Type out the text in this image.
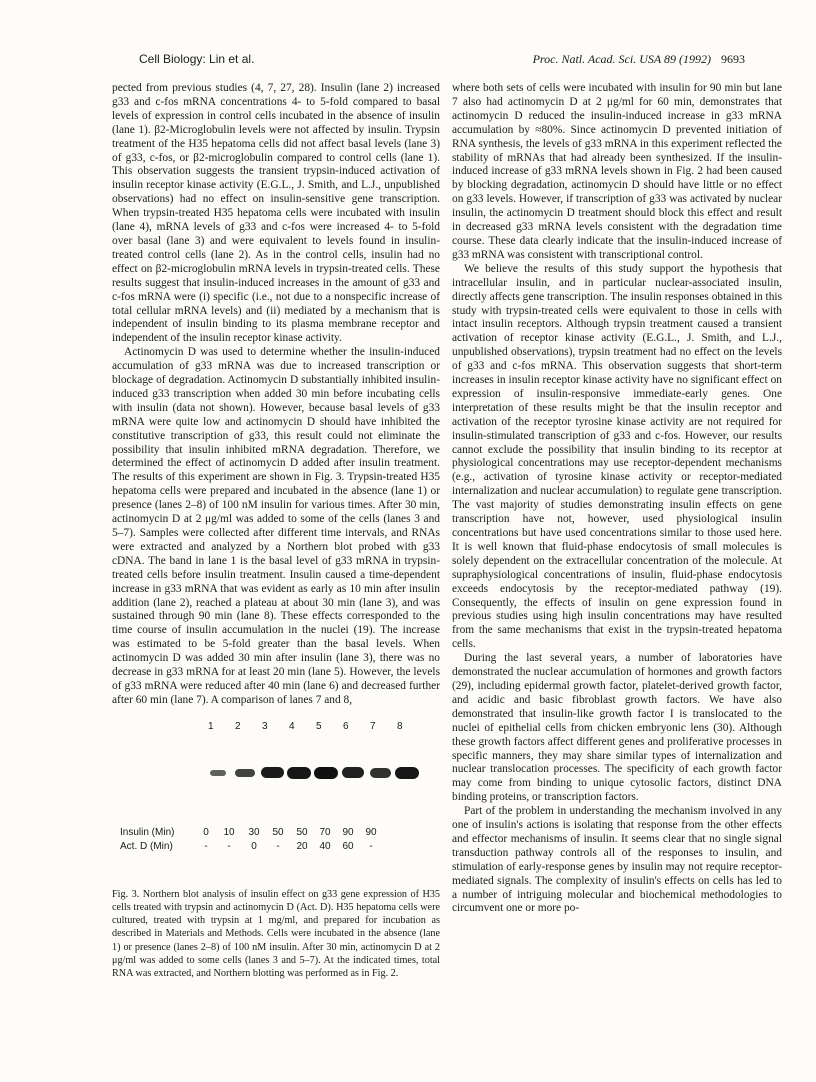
Cell Biology: Lin et al.	Proc. Natl. Acad. Sci. USA 89 (1992) 9693

pected from previous studies (4, 7, 27, 28). Insulin (lane 2) increased g33 and c-fos mRNA concentrations 4- to 5-fold compared to basal levels of expression in control cells incubated in the absence of insulin (lane 1). β2-Microglobulin levels were not affected by insulin. Trypsin treatment of the H35 hepatoma cells did not affect basal levels (lane 3) of g33, c-fos, or β2-microglobulin compared to control cells (lane 1). This observation suggests the transient trypsin-induced activation of insulin receptor kinase activity (E.G.L., J. Smith, and L.J., unpublished observations) had no effect on insulin-sensitive gene transcription. When trypsin-treated H35 hepatoma cells were incubated with insulin (lane 4), mRNA levels of g33 and c-fos were increased 4- to 5-fold over basal (lane 3) and were equivalent to levels found in insulin-treated control cells (lane 2). As in the control cells, insulin had no effect on β2-microglobulin mRNA levels in trypsin-treated cells. These results suggest that insulin-induced increases in the amount of g33 and c-fos mRNA were (i) specific (i.e., not due to a nonspecific increase of total cellular mRNA levels) and (ii) mediated by a mechanism that is independent of insulin binding to its plasma membrane receptor and independent of the insulin receptor kinase activity.

Actinomycin D was used to determine whether the insulin-induced accumulation of g33 mRNA was due to increased transcription or blockage of degradation. Actinomycin D substantially inhibited insulin-induced g33 transcription when added 30 min before incubating cells with insulin (data not shown). However, because basal levels of g33 mRNA were quite low and actinomycin D should have inhibited the constitutive transcription of g33, this result could not eliminate the possibility that insulin inhibited mRNA degradation. Therefore, we determined the effect of actinomycin D added after insulin treatment. The results of this experiment are shown in Fig. 3. Trypsin-treated H35 hepatoma cells were prepared and incubated in the absence (lane 1) or presence (lanes 2–8) of 100 nM insulin for various times. After 30 min, actinomycin D at 2 μg/ml was added to some of the cells (lanes 3 and 5–7). Samples were collected after different time intervals, and RNAs were extracted and analyzed by a Northern blot probed with g33 cDNA. The band in lane 1 is the basal level of g33 mRNA in trypsin-treated cells before insulin treatment. Insulin caused a time-dependent increase in g33 mRNA that was evident as early as 10 min after insulin addition (lane 2), reached a plateau at about 30 min (lane 3), and was sustained through 90 min (lane 8). These effects corresponded to the time course of insulin accumulation in the nuclei (19). The increase was estimated to be 5-fold greater than the basal levels. When actinomycin D was added 30 min after insulin (lane 3), there was no decrease in g33 mRNA for at least 20 min (lane 5). However, the levels of g33 mRNA were reduced after 40 min (lane 6) and decreased further after 60 min (lane 7). A comparison of lanes 7 and 8,

1 2 3 4 5 6 7 8
Insulin (Min)	0	10	30	50	50	70	90	90
Act. D (Min)	-	-	0	-	20	40	60	-

Fig. 3. Northern blot analysis of insulin effect on g33 gene expression of H35 cells treated with trypsin and actinomycin D (Act. D). H35 hepatoma cells were cultured, treated with trypsin at 1 mg/ml, and prepared for incubation as described in Materials and Methods. Cells were incubated in the absence (lane 1) or presence (lanes 2–8) of 100 nM insulin. After 30 min, actinomycin D at 2 μg/ml was added to some cells (lanes 3 and 5–7). At the indicated times, total RNA was extracted, and Northern blotting was performed as in Fig. 2.

where both sets of cells were incubated with insulin for 90 min but lane 7 also had actinomycin D at 2 μg/ml for 60 min, demonstrates that actinomycin D reduced the insulin-induced increase in g33 mRNA accumulation by ≈80%. Since actinomycin D prevented initiation of RNA synthesis, the levels of g33 mRNA in this experiment reflected the stability of mRNAs that had already been synthesized. If the insulin-induced increase of g33 mRNA levels shown in Fig. 2 had been caused by blocking degradation, actinomycin D should have little or no effect on g33 levels. However, if transcription of g33 was activated by nuclear insulin, the actinomycin D treatment should block this effect and result in decreased g33 mRNA levels consistent with the degradation time course. These data clearly indicate that the insulin-induced increase of g33 mRNA was consistent with transcriptional control.

We believe the results of this study support the hypothesis that intracellular insulin, and in particular nuclear-associated insulin, directly affects gene transcription. The insulin responses obtained in this study with trypsin-treated cells were equivalent to those in cells with intact insulin receptors. Although trypsin treatment caused a transient activation of receptor kinase activity (E.G.L., J. Smith, and L.J., unpublished observations), trypsin treatment had no effect on the levels of g33 and c-fos mRNA. This observation suggests that short-term increases in insulin receptor kinase activity have no significant effect on expression of insulin-responsive immediate-early genes. One interpretation of these results might be that the insulin receptor and activation of the receptor tyrosine kinase activity are not required for insulin-stimulated transcription of g33 and c-fos. However, our results cannot exclude the possibility that insulin binding to its receptor at physiological concentrations may use receptor-dependent mechanisms (e.g., activation of tyrosine kinase activity or receptor-mediated internalization and nuclear accumulation) to regulate gene transcription. The vast majority of studies demonstrating insulin effects on gene transcription have not, however, used physiological insulin concentrations but have used concentrations similar to those used here. It is well known that fluid-phase endocytosis of small molecules is solely dependent on the extracellular concentration of the molecule. At supraphysiological concentrations of insulin, fluid-phase endocytosis exceeds endocytosis by the receptor-mediated pathway (19). Consequently, the effects of insulin on gene expression found in previous studies using high insulin concentrations may have resulted from the same mechanisms that exist in the trypsin-treated hepatoma cells.

During the last several years, a number of laboratories have demonstrated the nuclear accumulation of hormones and growth factors (29), including epidermal growth factor, platelet-derived growth factor, and acidic and basic fibroblast growth factors. We have also demonstrated that insulin-like growth factor I is translocated to the nuclei of epithelial cells from chicken embryonic lens (30). Although these growth factors affect different genes and proliferative processes in specific manners, they may share similar types of internalization and nuclear translocation processes. The specificity of each growth factor may come from binding to unique cytosolic factors, distinct DNA binding proteins, or transcription factors.

Part of the problem in understanding the mechanism involved in any one of insulin's actions is isolating that response from the other effects and effector mechanisms of insulin. It seems clear that no single signal transduction pathway controls all of the responses to insulin, and stimulation of early-response genes by insulin may not require receptor-mediated signals. The complexity of insulin's effects on cells has led to a number of intriguing molecular and biochemical methodologies to circumvent one or more po-
